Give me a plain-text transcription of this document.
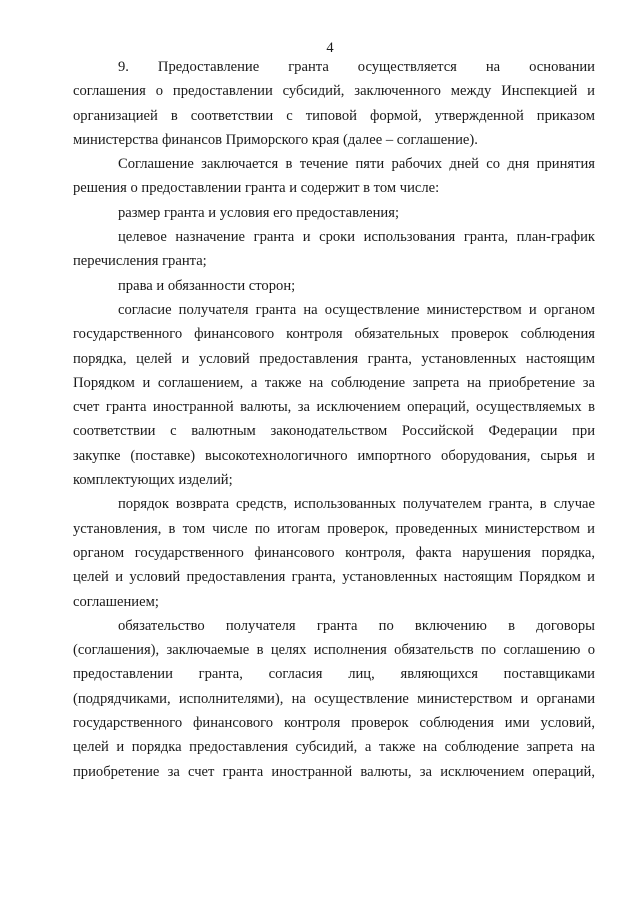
4
9. Предоставление гранта осуществляется на основании
соглашения о предоставлении субсидий, заключенного между Инспекцией и
организацией в соответствии с типовой формой, утвержденной приказом
министерства финансов Приморского края (далее – соглашение).
Соглашение заключается в течение пяти рабочих дней со дня принятия
решения о предоставлении гранта и содержит в том числе:
размер гранта и условия его предоставления;
целевое назначение гранта и сроки использования гранта, план-график
перечисления гранта;
права и обязанности сторон;
согласие получателя гранта на осуществление министерством и органом
государственного финансового контроля обязательных проверок соблюдения
порядка, целей и условий предоставления гранта, установленных настоящим
Порядком и соглашением, а также на соблюдение запрета на приобретение за
счет гранта иностранной валюты, за исключением операций, осуществляемых в
соответствии с валютным законодательством Российской Федерации при
закупке (поставке) высокотехнологичного импортного оборудования, сырья и
комплектующих изделий;
порядок возврата средств, использованных получателем гранта, в случае
установления, в том числе по итогам проверок, проведенных министерством и
органом государственного финансового контроля, факта нарушения порядка,
целей и условий предоставления гранта, установленных настоящим Порядком и
соглашением;
обязательство получателя гранта по включению в договоры
(соглашения), заключаемые в целях исполнения обязательств по соглашению о
предоставлении гранта, согласия лиц, являющихся поставщиками
(подрядчиками, исполнителями), на осуществление министерством и органами
государственного финансового контроля проверок соблюдения ими условий,
целей и порядка предоставления субсидий, а также на соблюдение запрета на
приобретение за счет гранта иностранной валюты, за исключением операций,
